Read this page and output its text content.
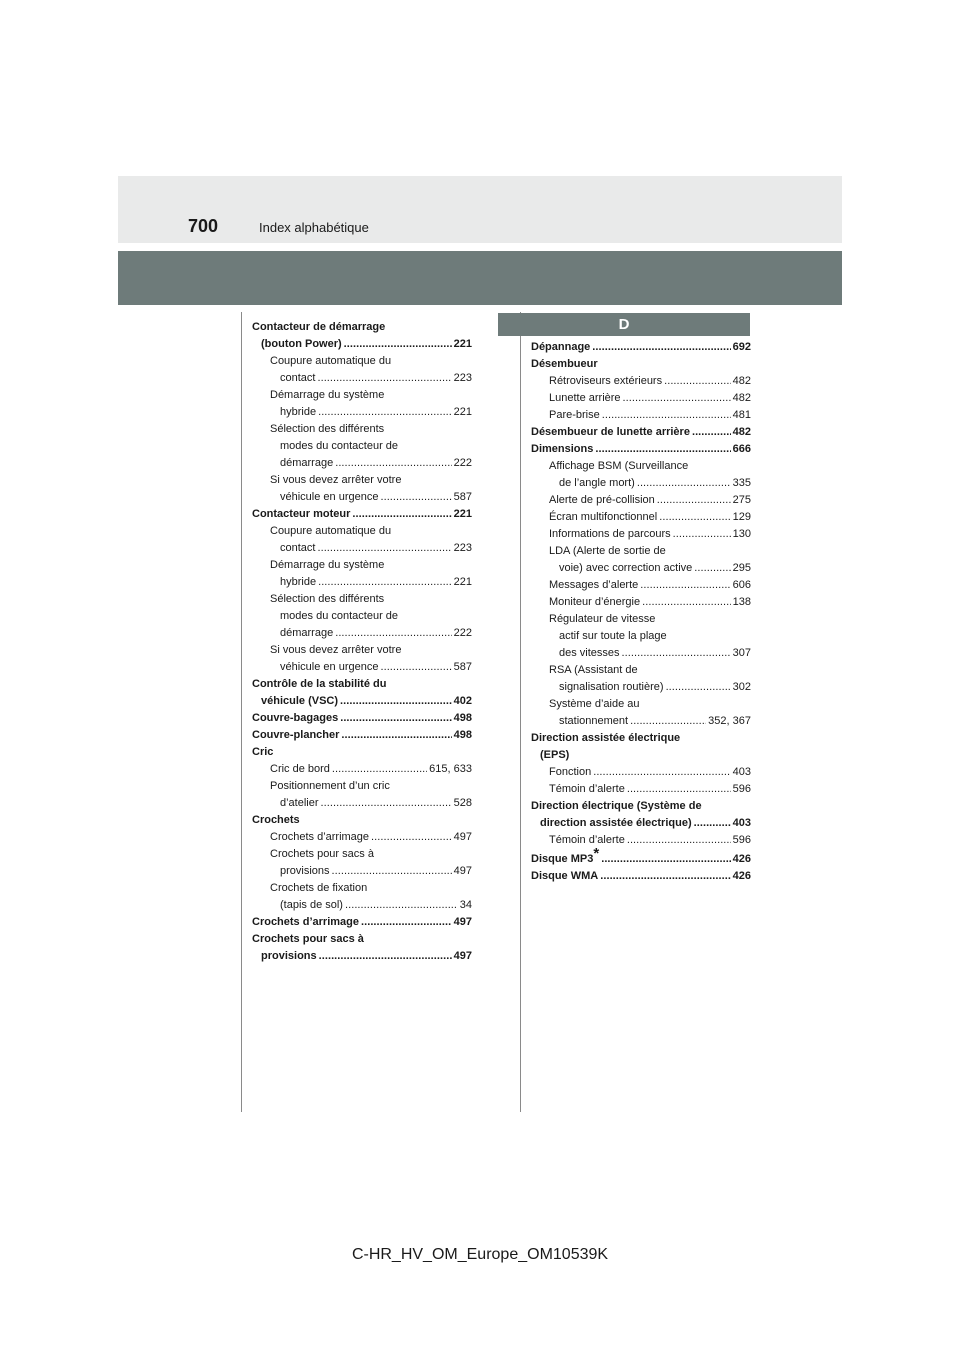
700	Index alphabétique
D
Contacteur de démarrage
(bouton Power) . . .	221
Coupure automatique du
contact . . .	223
Démarrage du système
hybride . . .	221
Sélection des différents
modes du contacteur de
démarrage . . .	222
Si vous devez arrêter votre
véhicule en urgence . . .	587
Contacteur moteur . . .	221
Coupure automatique du
contact . . .	223
Démarrage du système
hybride . . .	221
Sélection des différents
modes du contacteur de
démarrage . . .	222
Si vous devez arrêter votre
véhicule en urgence . . .	587
Contrôle de la stabilité du
véhicule (VSC) . . .	402
Couvre-bagages . . .	498
Couvre-plancher . . .	498
Cric
Cric de bord . . .	615, 633
Positionnement d’un cric
d’atelier . . .	528
Crochets
Crochets d’arrimage . . .	497
Crochets pour sacs à
provisions . . .	497
Crochets de fixation
(tapis de sol) . . .	34
Crochets d’arrimage . . .	497
Crochets pour sacs à
provisions . . .	497
Dépannage . . .	692
Désembueur
Rétroviseurs extérieurs . . .	482
Lunette arrière . . .	482
Pare-brise . . .	481
Désembueur de lunette arrière . . .	482
Dimensions . . .	666
Affichage BSM (Surveillance
de l’angle mort) . . .	335
Alerte de pré-collision . . .	275
Écran multifonctionnel . . .	129
Informations de parcours . . .	130
LDA (Alerte de sortie de
voie) avec correction active . . .	295
Messages d’alerte . . .	606
Moniteur d’énergie . . .	138
Régulateur de vitesse
actif sur toute la plage
des vitesses . . .	307
RSA (Assistant de
signalisation routière) . . .	302
Système d’aide au
stationnement . . .	352, 367
Direction assistée électrique
(EPS)
Fonction . . .	403
Témoin d’alerte . . .	596
Direction électrique (Système de
direction assistée électrique) . . .	403
Témoin d’alerte . . .	596
Disque MP3* . . .	426
Disque WMA . . .	426
C-HR_HV_OM_Europe_OM10539K
